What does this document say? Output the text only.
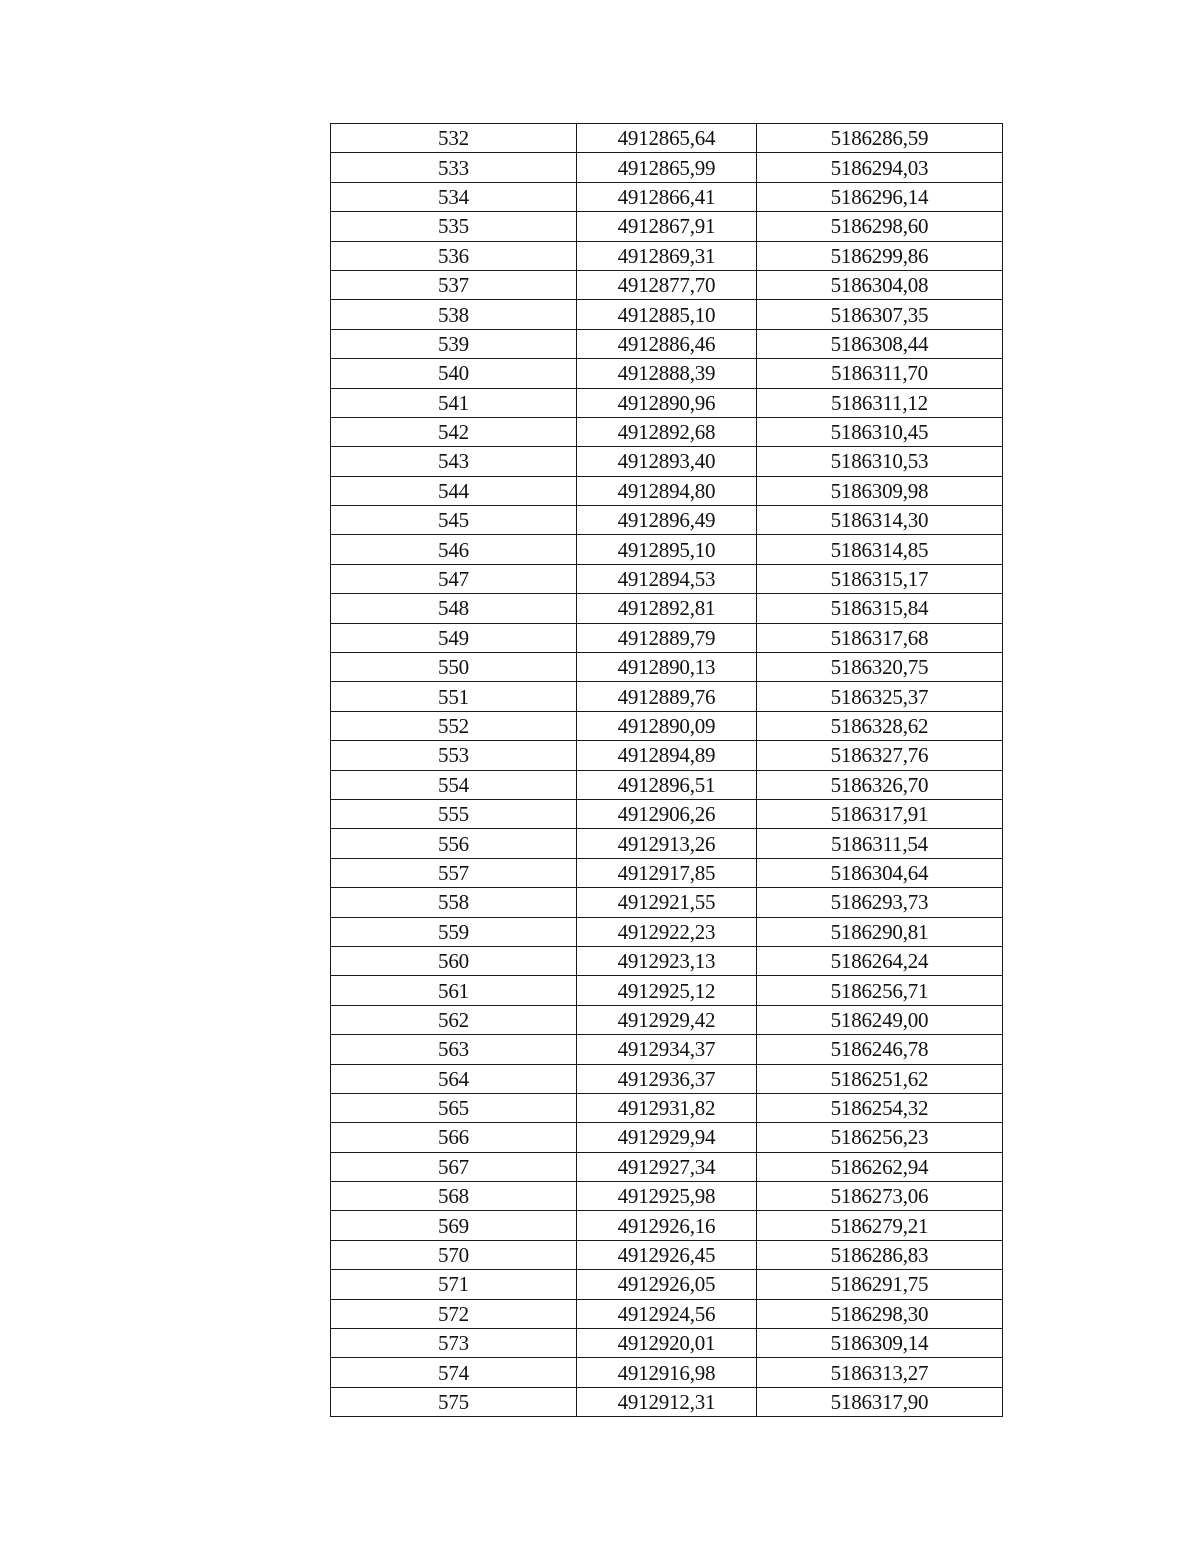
532	4912865,64	5186286,59
533	4912865,99	5186294,03
534	4912866,41	5186296,14
535	4912867,91	5186298,60
536	4912869,31	5186299,86
537	4912877,70	5186304,08
538	4912885,10	5186307,35
539	4912886,46	5186308,44
540	4912888,39	5186311,70
541	4912890,96	5186311,12
542	4912892,68	5186310,45
543	4912893,40	5186310,53
544	4912894,80	5186309,98
545	4912896,49	5186314,30
546	4912895,10	5186314,85
547	4912894,53	5186315,17
548	4912892,81	5186315,84
549	4912889,79	5186317,68
550	4912890,13	5186320,75
551	4912889,76	5186325,37
552	4912890,09	5186328,62
553	4912894,89	5186327,76
554	4912896,51	5186326,70
555	4912906,26	5186317,91
556	4912913,26	5186311,54
557	4912917,85	5186304,64
558	4912921,55	5186293,73
559	4912922,23	5186290,81
560	4912923,13	5186264,24
561	4912925,12	5186256,71
562	4912929,42	5186249,00
563	4912934,37	5186246,78
564	4912936,37	5186251,62
565	4912931,82	5186254,32
566	4912929,94	5186256,23
567	4912927,34	5186262,94
568	4912925,98	5186273,06
569	4912926,16	5186279,21
570	4912926,45	5186286,83
571	4912926,05	5186291,75
572	4912924,56	5186298,30
573	4912920,01	5186309,14
574	4912916,98	5186313,27
575	4912912,31	5186317,90
